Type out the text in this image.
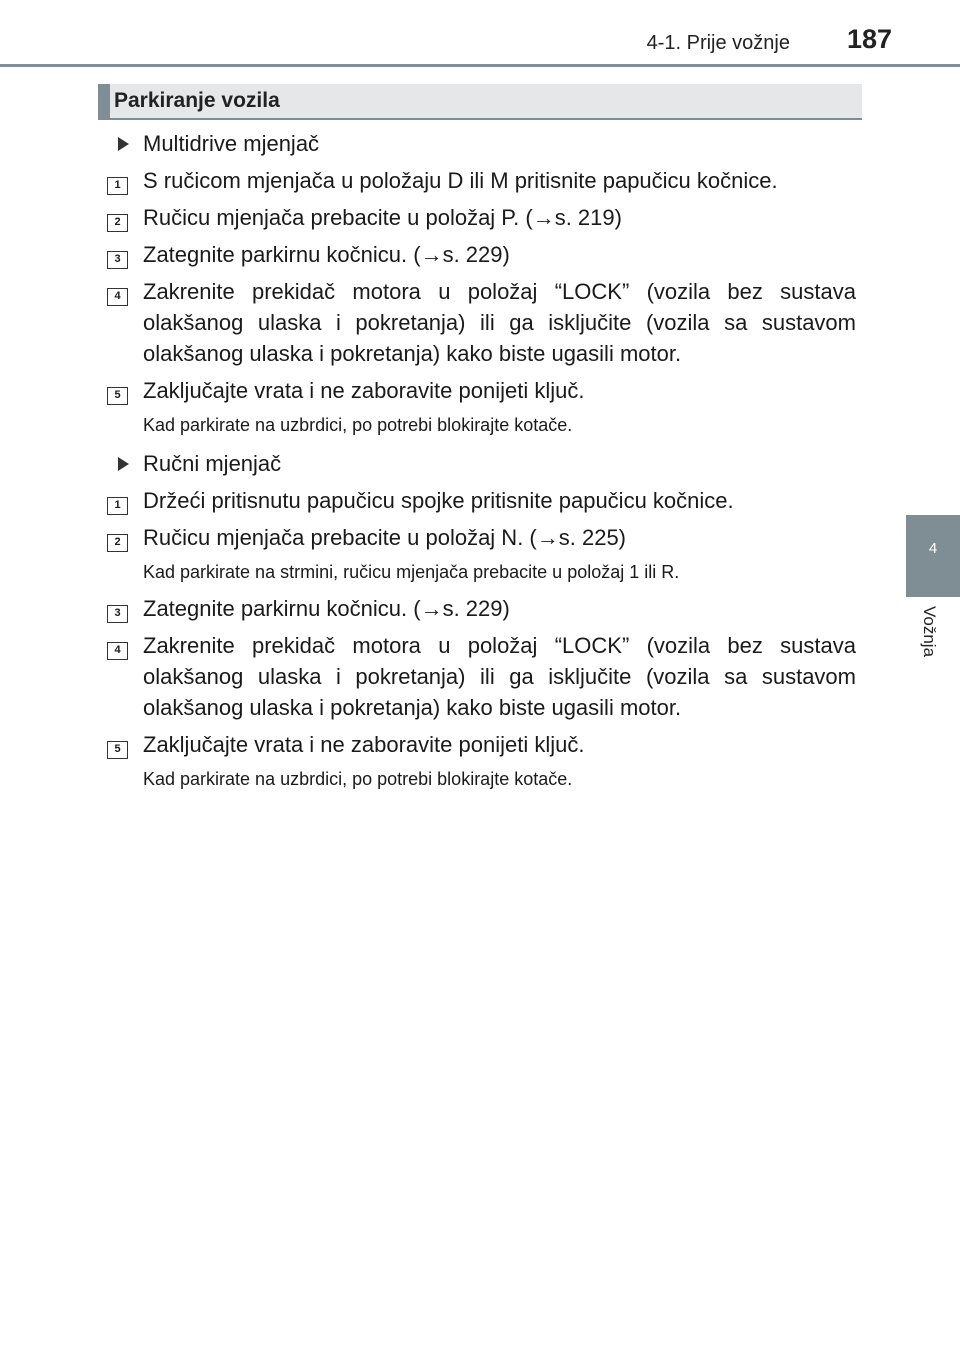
4-1. Prije vožnje 187
4
Vožnja
Parkiranje vozila
Multidrive mjenjač
1	S ručicom mjenjača u položaju D ili M pritisnite papučicu kočnice.
2	Ručicu mjenjača prebacite u položaj P. (→s. 219)
3	Zategnite parkirnu kočnicu. (→s. 229)
4	Zakrenite prekidač motora u položaj “LOCK” (vozila bez sustava olakšanog ulaska i pokretanja) ili ga isključite (vozila sa sustavom olakšanog ulaska i pokretanja) kako biste ugasili motor.
5	Zaključajte vrata i ne zaboravite ponijeti ključ.
Kad parkirate na uzbrdici, po potrebi blokirajte kotače.
Ručni mjenjač
1	Držeći pritisnutu papučicu spojke pritisnite papučicu kočnice.
2	Ručicu mjenjača prebacite u položaj N. (→s. 225)
Kad parkirate na strmini, ručicu mjenjača prebacite u položaj 1 ili R.
3	Zategnite parkirnu kočnicu. (→s. 229)
4	Zakrenite prekidač motora u položaj “LOCK” (vozila bez sustava olakšanog ulaska i pokretanja) ili ga isključite (vozila sa sustavom olakšanog ulaska i pokretanja) kako biste ugasili motor.
5	Zaključajte vrata i ne zaboravite ponijeti ključ.
Kad parkirate na uzbrdici, po potrebi blokirajte kotače.
